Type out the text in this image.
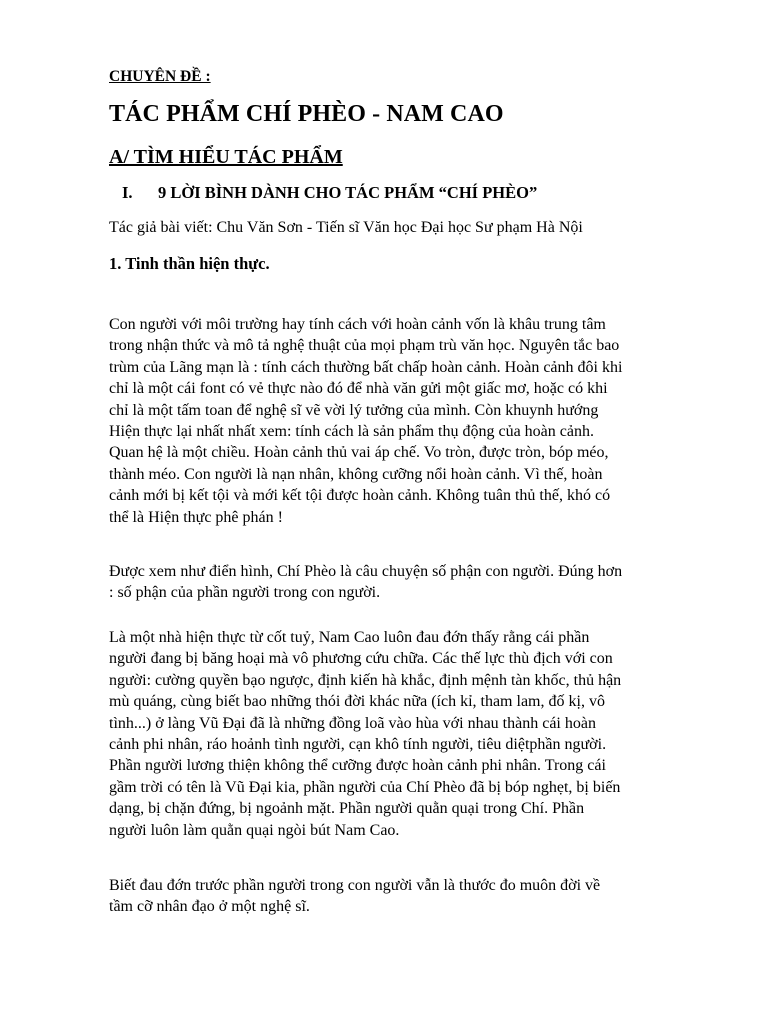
CHUYÊN ĐỀ :

TÁC PHẨM CHÍ PHÈO - NAM CAO
A/ TÌM HIỂU TÁC PHẨM
I. 9 LỜI BÌNH DÀNH CHO TÁC PHẨM “CHÍ PHÈO”

Tác giả bài viết: Chu Văn Sơn - Tiến sĩ Văn học Đại học Sư phạm Hà Nội

1. Tinh thần hiện thực.

Con người với môi trường hay tính cách với hoàn cảnh vốn là khâu trung tâm
trong nhận thức và mô tả nghệ thuật của mọi phạm trù văn học. Nguyên tắc bao
trùm của Lãng mạn là : tính cách thường bất chấp hoàn cảnh. Hoàn cảnh đôi khi
chỉ là một cái font có vẻ thực nào đó để nhà văn gửi một giấc mơ, hoặc có khi
chỉ là một tấm toan để nghệ sĩ vẽ vời lý tưởng của mình. Còn khuynh hướng
Hiện thực lại nhất nhất xem: tính cách là sản phẩm thụ động của hoàn cảnh.
Quan hệ là một chiều. Hoàn cảnh thủ vai áp chế. Vo tròn, được tròn, bóp méo,
thành méo. Con người là nạn nhân, không cưỡng nổi hoàn cảnh. Vì thế, hoàn
cảnh mới bị kết tội và mới kết tội được hoàn cảnh. Không tuân thủ thế, khó có
thể là Hiện thực phê phán !

Được xem như điển hình, Chí Phèo là câu chuyện số phận con người. Đúng hơn
: số phận của phần người trong con người.

Là một nhà hiện thực từ cốt tuỷ, Nam Cao luôn đau đớn thấy rằng cái phần
người đang bị băng hoại mà vô phương cứu chữa. Các thế lực thù địch với con
người: cường quyền bạo ngược, định kiến hà khắc, định mệnh tàn khốc, thủ hận
mù quáng, cùng biết bao những thói đời khác nữa (ích kỉ, tham lam, đố kị, vô
tình...) ở làng Vũ Đại đã là những đồng loã vào hùa với nhau thành cái hoàn
cảnh phi nhân, ráo hoảnh tình người, cạn khô tính người, tiêu diệtphần người.
Phần người lương thiện không thể cưỡng được hoàn cảnh phi nhân. Trong cái
gầm trời có tên là Vũ Đại kia, phần người của Chí Phèo đã bị bóp nghẹt, bị biến
dạng, bị chặn đứng, bị ngoảnh mặt. Phần người quằn quại trong Chí. Phần
người luôn làm quằn quại ngòi bút Nam Cao.

Biết đau đớn trước phần người trong con người vẫn là thước đo muôn đời về
tầm cỡ nhân đạo ở một nghệ sĩ.
